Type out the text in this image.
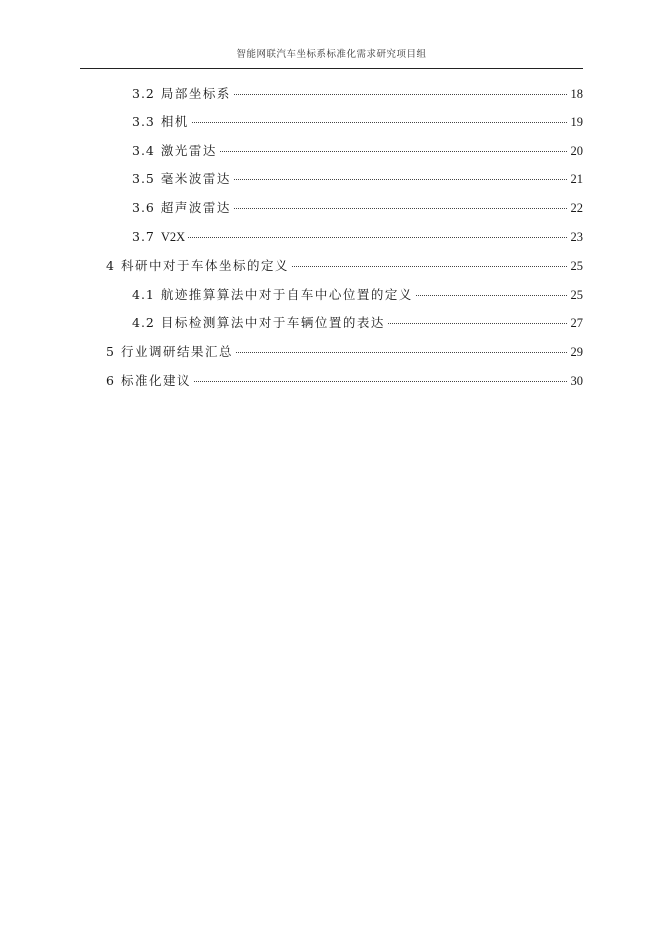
智能网联汽车坐标系标准化需求研究项目组
3.2 局部坐标系	18
3.3 相机	19
3.4 激光雷达	20
3.5 毫米波雷达	21
3.6 超声波雷达	22
3.7 V2X	23
4 科研中对于车体坐标的定义	25
4.1 航迹推算算法中对于自车中心位置的定义	25
4.2 目标检测算法中对于车辆位置的表达	27
5 行业调研结果汇总	29
6 标准化建议	30
